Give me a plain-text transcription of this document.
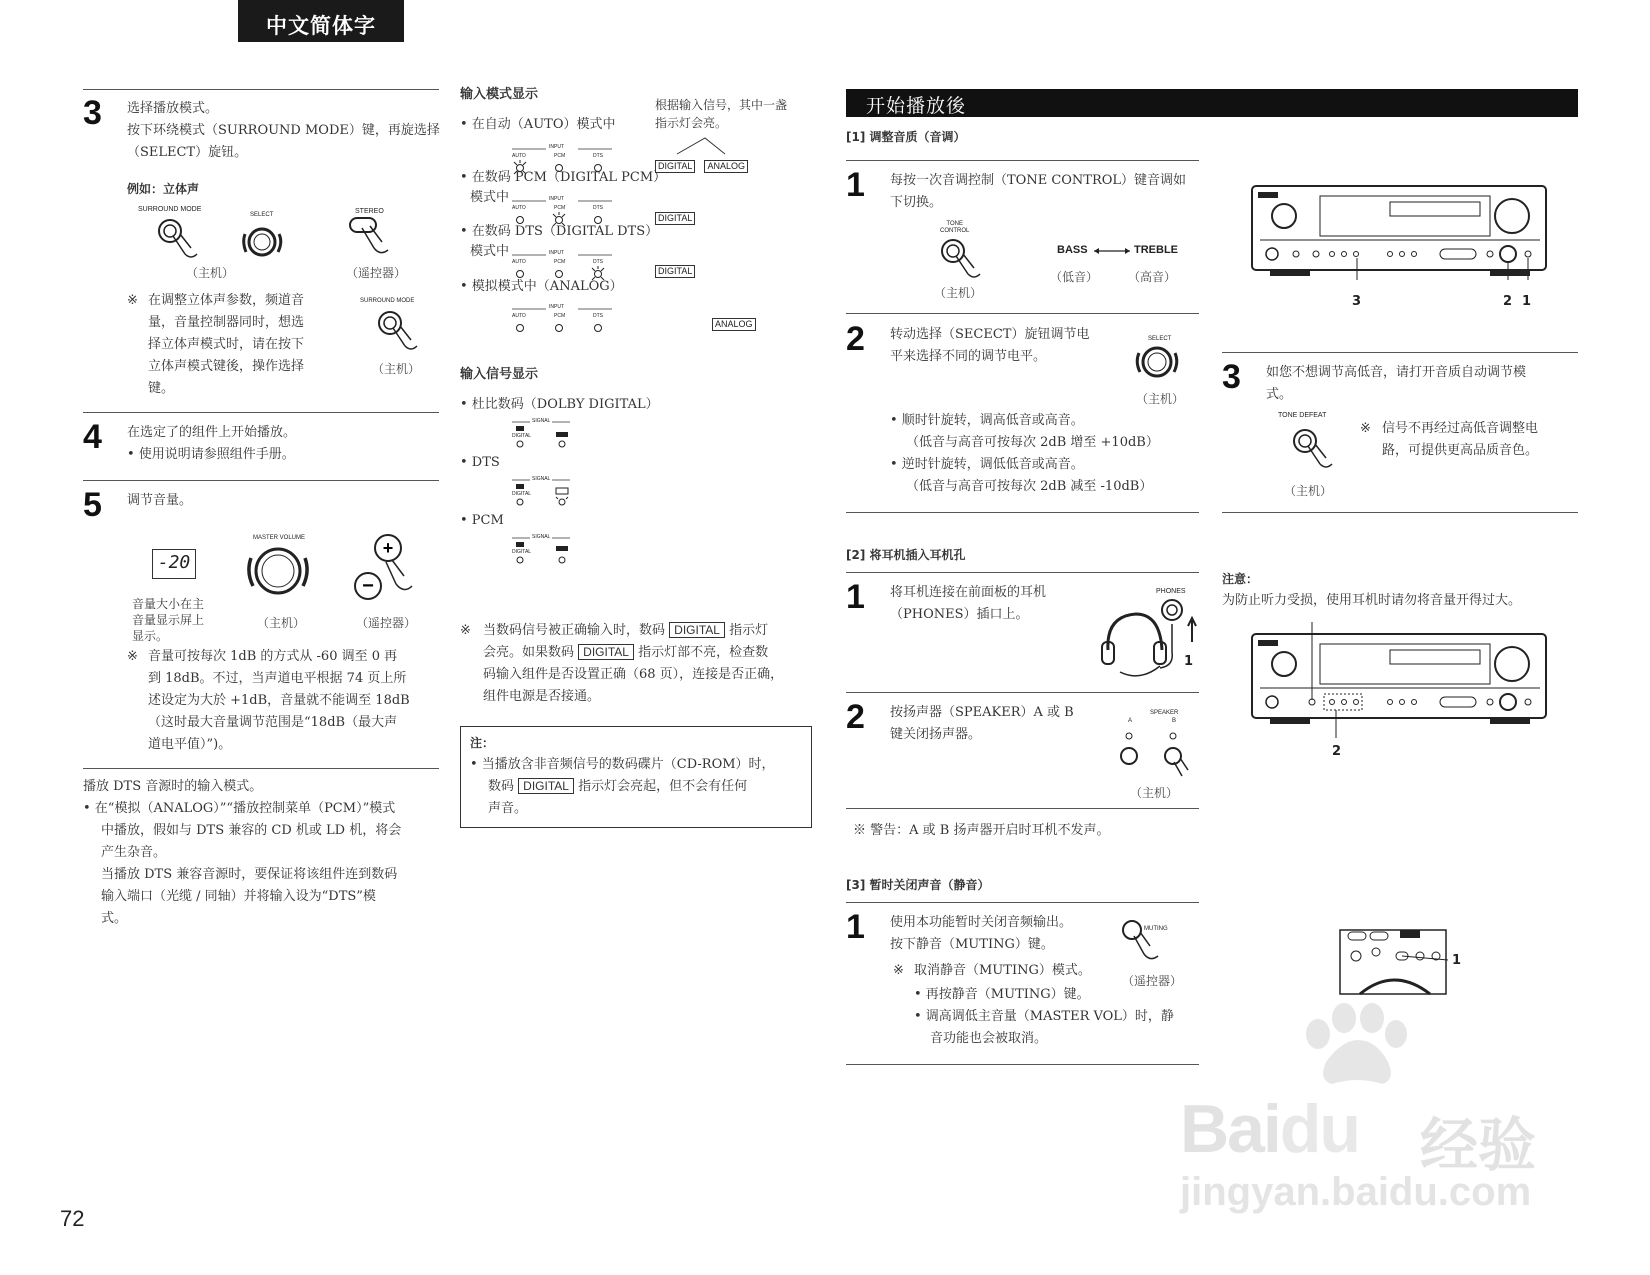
中文简体字
3 选择播放模式。
按下环绕模式（SURROUND MODE）键，再旋选择
（SELECT）旋钮。
例如：立体声
SURROUND MODE
SELECT	STEREO
（主机）	（遥控器）
※ 在调整立体声参数，频道音
量，音量控制器同时，想选
择立体声模式时，请在按下
立体声模式键後，操作选择
键。
SURROUND MODE
（主机）
4 在选定了的组件上开始播放。
• 使用说明请参照组件手册。
5 调节音量。
-20
音量大小在主
音量显示屏上
显示。
MASTER VOLUME	+
−
（主机）	（遥控器）
※ 音量可按每次 1dB 的方式从 -60 调至 0 再
到 18dB。不过，当声道电平根据 74 页上所
述设定为大於 +1dB，音量就不能调至 18dB
（这时最大音量调节范围是“18dB（最大声
道电平值）”)。
播放 DTS 音源时的输入模式。
• 在“模拟（ANALOG）”“播放控制菜单（PCM）”模式
中播放，假如与 DTS 兼容的 CD 机或 LD 机，将会
产生杂音。
当播放 DTS 兼容音源时，要保证将该组件连到数码
输入端口（光缆 / 同轴）并将输入设为“DTS”模
式。
72
输入模式显示
根据输入信号，其中一盏
指示灯会亮。
• 在自动（AUTO）模式中
INPUT
AUTO	PCM	DTS
DIGITAL ANALOG
• 在数码 PCM（DIGITAL PCM）
模式中	INPUT
AUTO	PCM	DTS
DIGITAL
• 在数码 DTS（DIGITAL DTS）
模式中	INPUT
AUTO	PCM	DTS
DIGITAL
• 模拟模式中（ANALOG）
INPUT
AUTO	PCM	DTS
ANALOG
输入信号显示
• 杜比数码（DOLBY DIGITAL）
SIGNAL
DIGITAL
• DTS
SIGNAL
DIGITAL
• PCM
SIGNAL
DIGITAL
※ 当数码信号被正确输入时，数码 DIGITAL 指示灯
会亮。如果数码 DIGITAL 指示灯部不亮，检查数
码输入组件是否设置正确（68 页），连接是否正确，
组件电源是否接通。
注：
• 当播放含非音频信号的数码碟片（CD-ROM）时，
数码 DIGITAL 指示灯会亮起，但不会有任何
声音。
开始播放後
[1] 调整音质（音调）
1 每按一次音调控制（TONE CONTROL）键音调如
下切换。
TONE
CONTROL
（主机）
BASS	TREBLE
（低音） （高音）
2 转动选择（SECECT）旋钮调节电
平来选择不同的调节电平。
SELECT
（主机）
• 顺时针旋转，调高低音或高音。
（低音与高音可按每次 2dB 增至 +10dB）
• 逆时针旋转，调低低音或高音。
（低音与高音可按每次 2dB 减至 -10dB）
3	2 1
3 如您不想调节高低音，请打开音质自动调节模
式。
TONE DEFEAT
（主机）
※ 信号不再经过高低音调整电
路，可提供更高品质音色。
[2] 将耳机插入耳机孔
1 将耳机连接在前面板的耳机
（PHONES）插口上。
PHONES
1
2 按扬声器（SPEAKER）A 或 B
键关闭扬声器。
SPEAKER
A	B
（主机）
※ 警告：A 或 B 扬声器开启时耳机不发声。
注意：
为防止听力受损，使用耳机时请勿将音量开得过大。
2
[3] 暂时关闭声音（静音）
1 使用本功能暂时关闭音频输出。
按下静音（MUTING）键。
MUTING
（遥控器）
※ 取消静音（MUTING）模式。
• 再按静音（MUTING）键。
• 调高调低主音量（MASTER VOL）时，静
音功能也会被取消。
1
Baidu 经验
jingyan.baidu.com
